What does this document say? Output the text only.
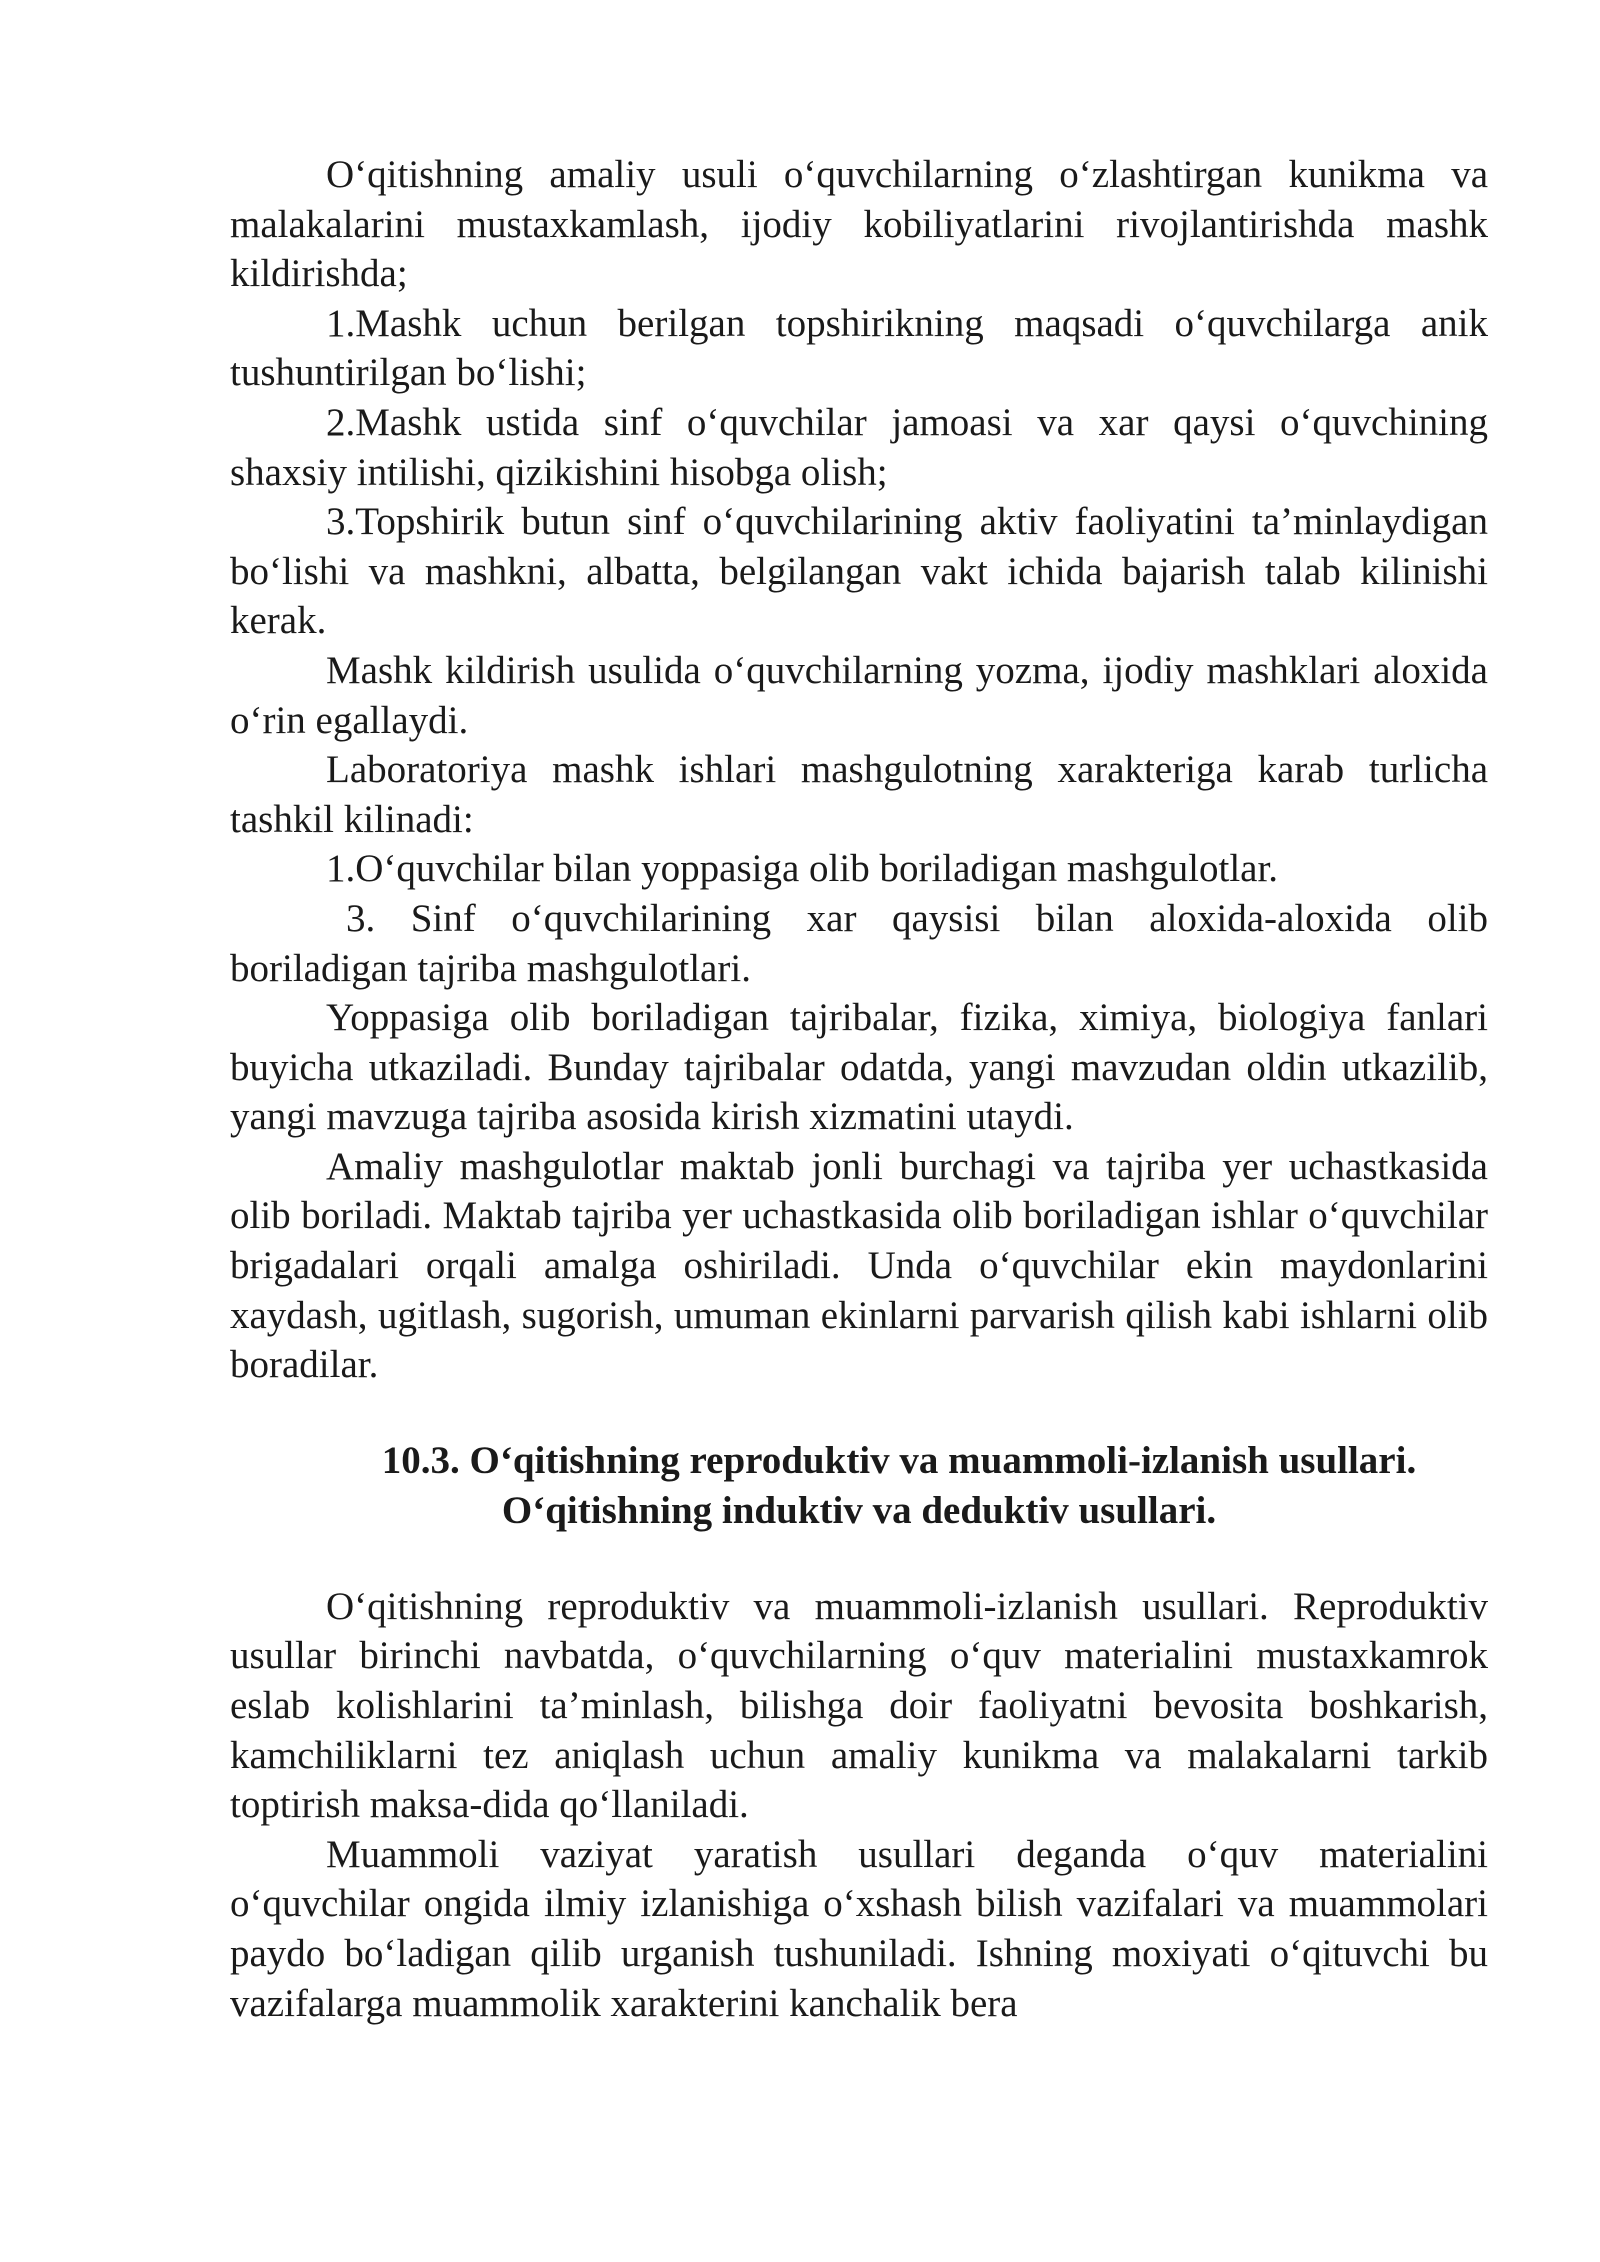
O‘qitishning amaliy usuli o‘quvchilarning o‘zlashtirgan kunikma va malakalarini mustaxkamlash, ijodiy kobiliyatlarini rivojlantirishda mashk kildirishda;

1.Mashk uchun berilgan topshirikning maqsadi o‘quvchilarga anik tushuntirilgan bo‘lishi;

2.Mashk ustida sinf o‘quvchilar jamoasi va xar qaysi o‘quvchining shaxsiy intilishi, qizikishini hisobga olish;

3.Topshirik butun sinf o‘quvchilarining aktiv faoliyatini ta’minlaydigan bo‘lishi va mashkni, albatta, belgilangan vakt ichida bajarish talab kilinishi kerak.

Mashk kildirish usulida o‘quvchilarning yozma, ijodiy mashklari aloxida o‘rin egallaydi.

Laboratoriya mashk ishlari mashgulotning xarakteriga karab turlicha tashkil kilinadi:

1.O‘quvchilar bilan yoppasiga olib boriladigan mashgulotlar.

3. Sinf o‘quvchilarining xar qaysisi bilan aloxida-aloxida olib boriladigan tajriba mashgulotlari.

Yoppasiga olib boriladigan tajribalar, fizika, ximiya, biologiya fanlari buyicha utkaziladi. Bunday tajribalar odatda, yangi mavzudan oldin utkazilib, yangi mavzuga tajriba asosida kirish xizmatini utaydi.

Amaliy mashgulotlar maktab jonli burchagi va tajriba yer uchastkasida olib boriladi. Maktab tajriba yer uchastkasida olib boriladigan ishlar o‘quvchilar brigadalari orqali amalga oshiriladi. Unda o‘quvchilar ekin maydonlarini xaydash, ugitlash, sugorish, umuman ekinlarni parvarish qilish kabi ishlarni olib boradilar.

10.3. O‘qitishning reproduktiv va muammoli-izlanish usullari.
O‘qitishning induktiv va deduktiv usullari.

O‘qitishning reproduktiv va muammoli-izlanish usullari. Reproduktiv usullar birinchi navbatda, o‘quvchilarning o‘quv materialini mustaxkamrok eslab kolishlarini ta’minlash, bilishga doir faoliyatni bevosita boshkarish, kamchiliklarni tez aniqlash uchun amaliy kunikma va malakalarni tarkib toptirish maksa-dida qo‘llaniladi.

Muammoli vaziyat yaratish usullari deganda o‘quv materialini o‘quvchilar ongida ilmiy izlanishiga o‘xshash bilish vazifalari va muammolari paydo bo‘ladigan qilib urganish tushuniladi. Ishning moxiyati o‘qituvchi bu vazifalarga muammolik xarakterini kanchalik bera
